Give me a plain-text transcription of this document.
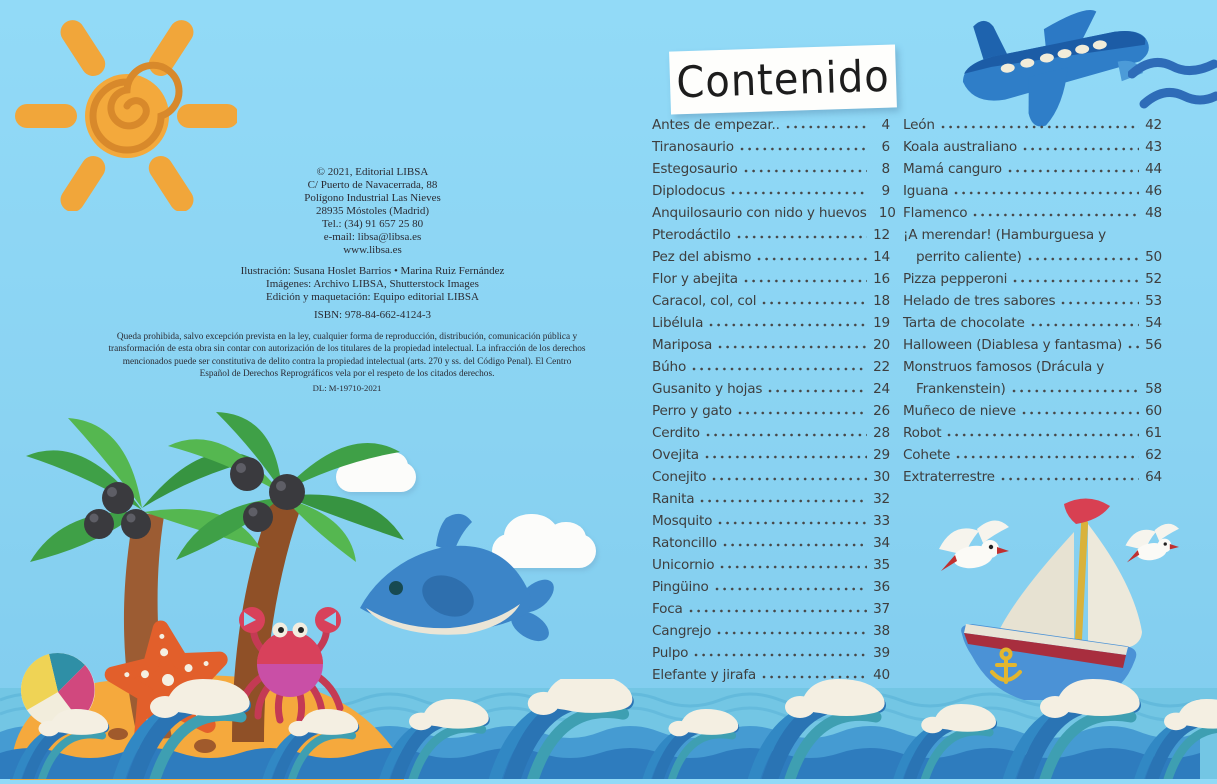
© 2021, Editorial LIBSA
C/ Puerto de Navacerrada, 88
Polígono Industrial Las Nieves
28935 Móstoles (Madrid)
Tel.: (34) 91 657 25 80
e-mail: libsa@libsa.es
www.libsa.es
Ilustración: Susana Hoslet Barrios • Marina Ruiz Fernández
Imágenes: Archivo LIBSA, Shutterstock Images
Edición y maquetación: Equipo editorial LIBSA
ISBN: 978-84-662-4124-3
Queda prohibida, salvo excepción prevista en la ley, cualquier forma de reproducción, distribución, comunicación pública y
transformación de esta obra sin contar con autorización de los titulares de la propiedad intelectual. La infracción de los derechos
mencionados puede ser constitutiva de delito contra la propiedad intelectual (arts. 270 y ss. del Código Penal). El Centro
Español de Derechos Reprográficos vela por el respeto de los citados derechos.
DL: M-19710-2021
Contenido
Antes de empezar..	4
Tiranosaurio	6
Estegosaurio	8
Diplodocus	9
Anquilosaurio con nido y huevos 10
Pterodáctilo	12
Pez del abismo	14
Flor y abejita	16
Caracol, col, col	18
Libélula	19
Mariposa	20
Búho	22
Gusanito y hojas	24
Perro y gato	26
Cerdito	28
Ovejita	29
Conejito	30
Ranita	32
Mosquito	33
Ratoncillo	34
Unicornio	35
Pingüino	36
Foca	37
Cangrejo	38
Pulpo	39
Elefante y jirafa	40
León	42
Koala australiano	43
Mamá canguro	44
Iguana	46
Flamenco	48
¡A merendar! (Hamburguesa y
perrito caliente)	50
Pizza pepperoni	52
Helado de tres sabores	53
Tarta de chocolate	54
Halloween (Diablesa y fantasma) 56
Monstruos famosos (Drácula y
Frankenstein)	58
Muñeco de nieve	60
Robot	61
Cohete	62
Extraterrestre	64
